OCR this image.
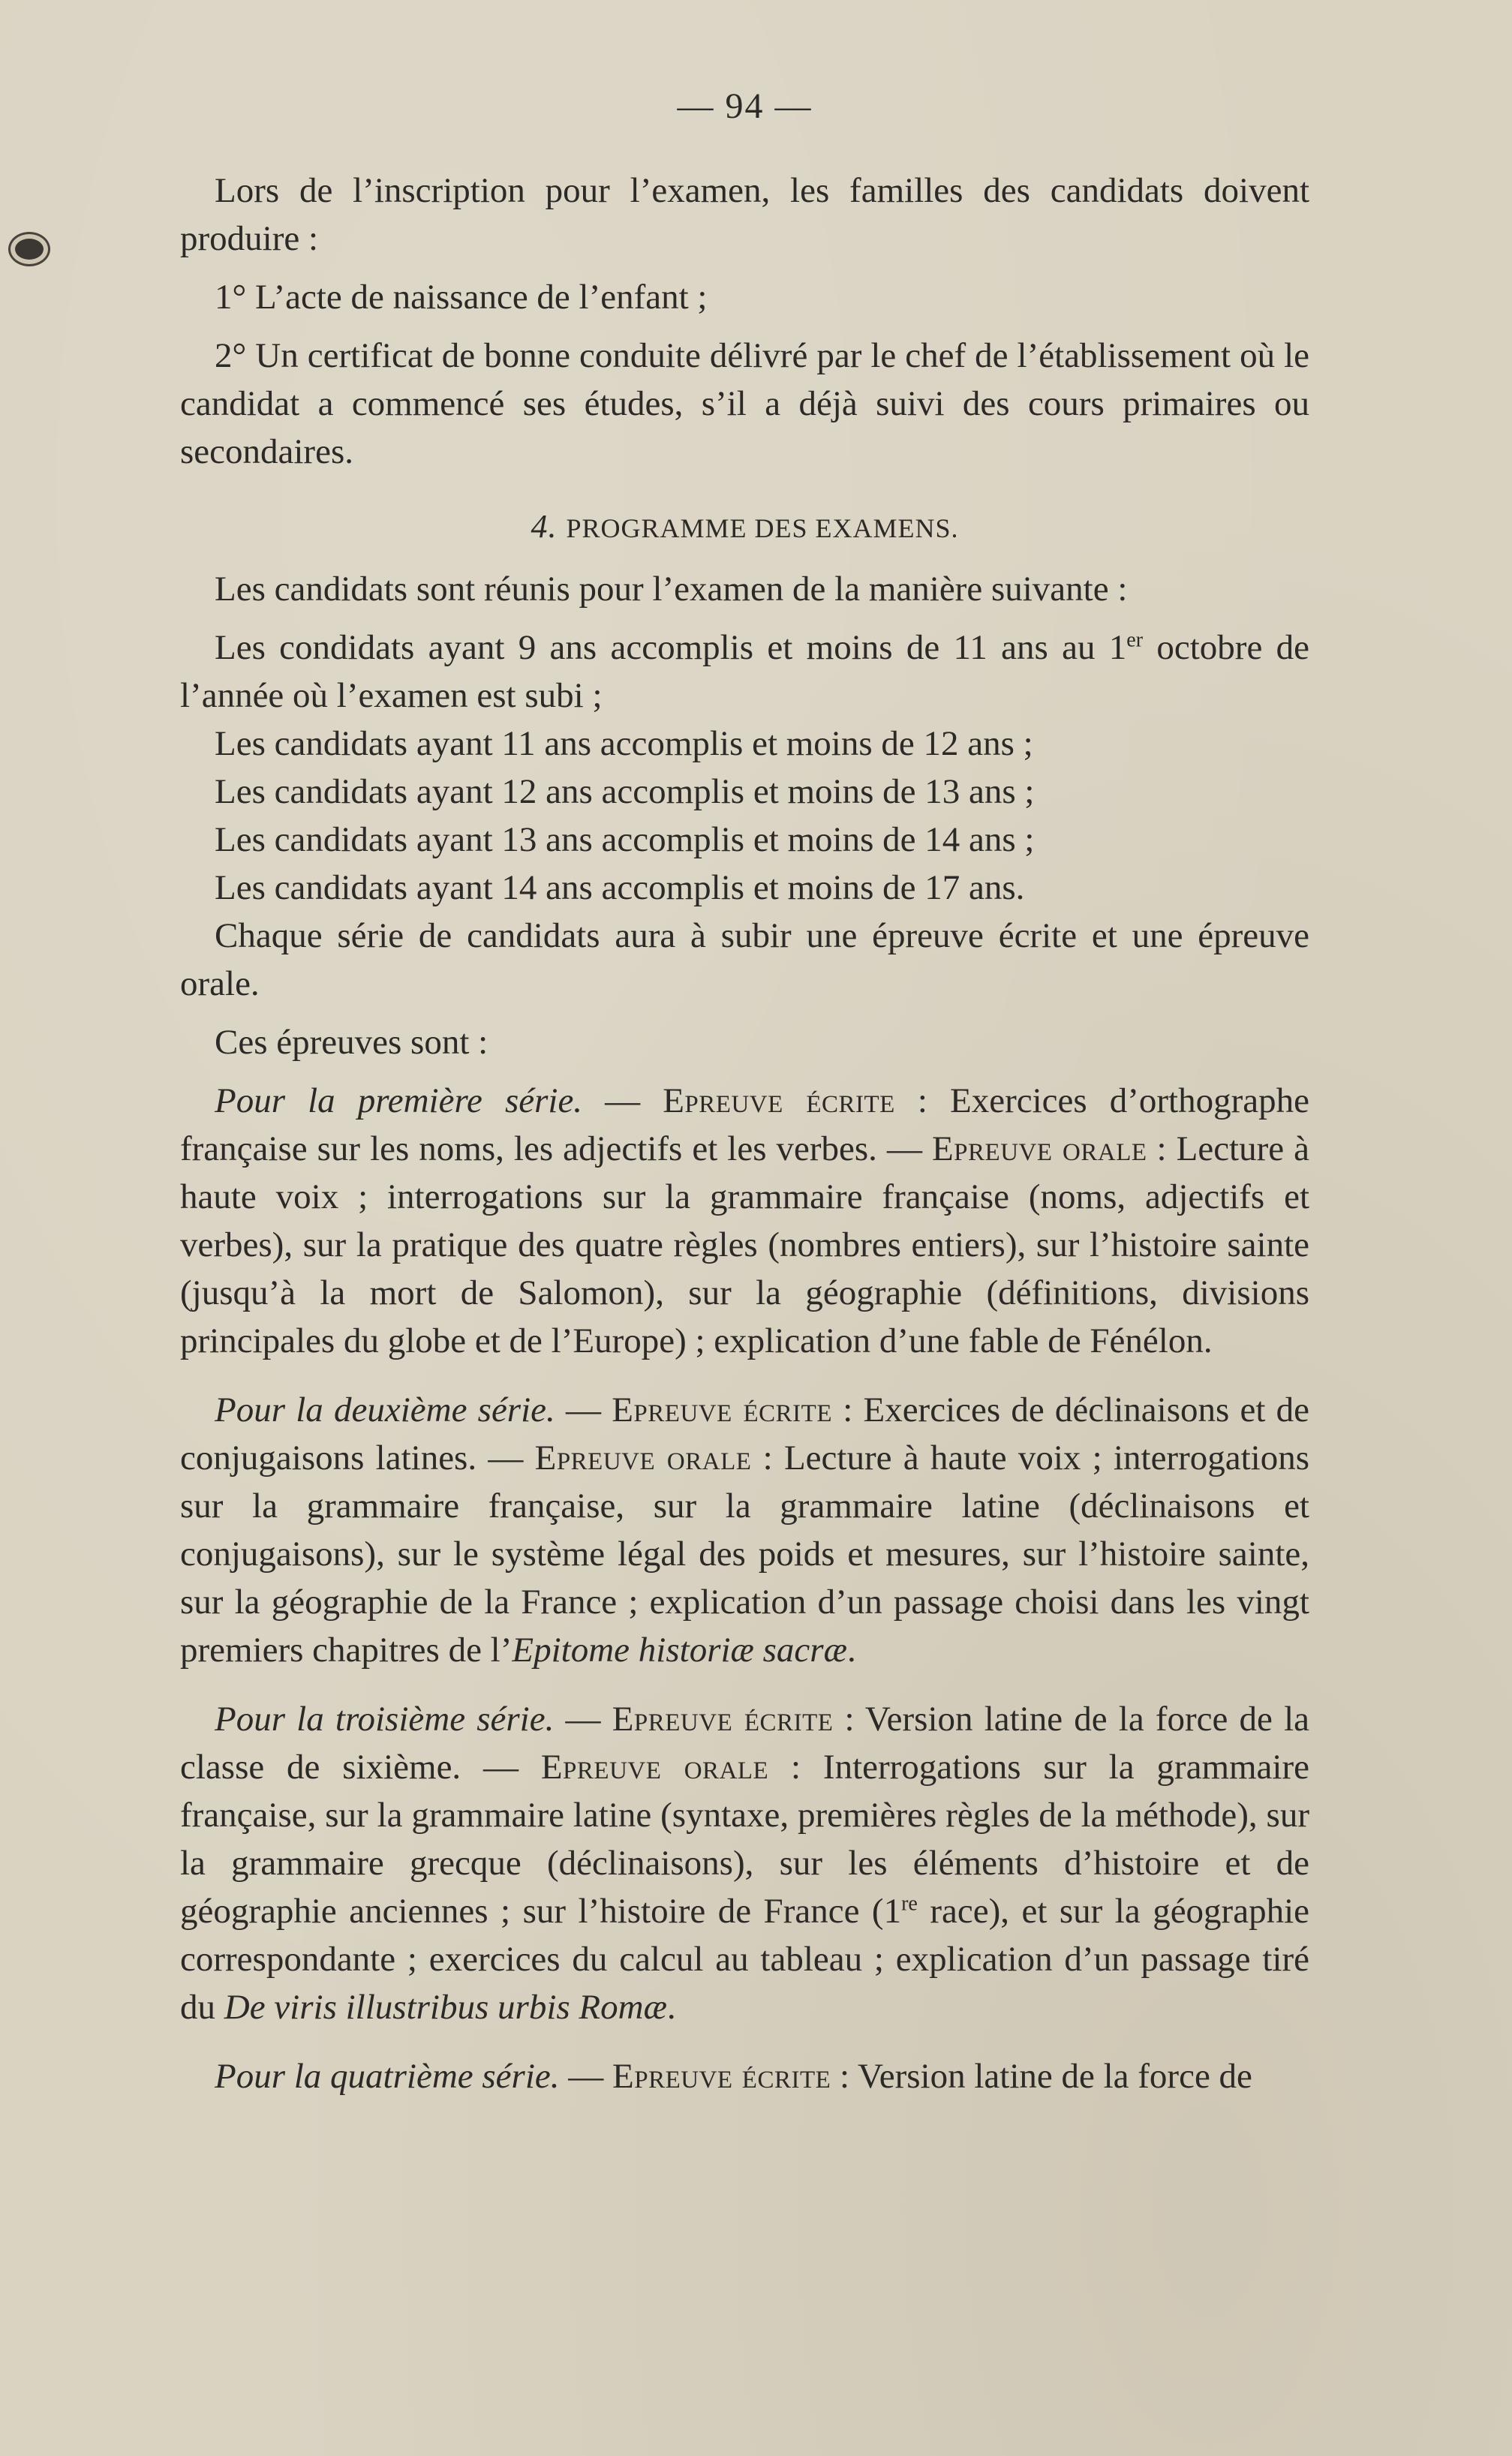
— 94 —

Lors de l’inscription pour l’examen, les familles des candidats doivent produire :

1° L’acte de naissance de l’enfant ;

2° Un certificat de bonne conduite délivré par le chef de l’établissement où le candidat a commencé ses études, s’il a déjà suivi des cours primaires ou secondaires.

4. PROGRAMME DES EXAMENS.

Les candidats sont réunis pour l’examen de la manière suivante :

Les condidats ayant 9 ans accomplis et moins de 11 ans au 1er octobre de l’année où l’examen est subi ;

Les candidats ayant 11 ans accomplis et moins de 12 ans ;

Les candidats ayant 12 ans accomplis et moins de 13 ans ;

Les candidats ayant 13 ans accomplis et moins de 14 ans ;

Les candidats ayant 14 ans accomplis et moins de 17 ans.

Chaque série de candidats aura à subir une épreuve écrite et une épreuve orale.

Ces épreuves sont :

Pour la première série. — Epreuve écrite : Exercices d’orthographe française sur les noms, les adjectifs et les verbes. — Epreuve orale : Lecture à haute voix ; interrogations sur la grammaire française (noms, adjectifs et verbes), sur la pratique des quatre règles (nombres entiers), sur l’histoire sainte (jusqu’à la mort de Salomon), sur la géographie (définitions, divisions principales du globe et de l’Europe) ; explication d’une fable de Fénélon.

Pour la deuxième série. — Epreuve écrite : Exercices de déclinaisons et de conjugaisons latines. — Epreuve orale : Lecture à haute voix ; interrogations sur la grammaire française, sur la grammaire latine (déclinaisons et conjugaisons), sur le système légal des poids et mesures, sur l’histoire sainte, sur la géographie de la France ; explication d’un passage choisi dans les vingt premiers chapitres de l’Epitome historiæ sacræ.

Pour la troisième série. — Epreuve écrite : Version latine de la force de la classe de sixième. — Epreuve orale : Interrogations sur la grammaire française, sur la grammaire latine (syntaxe, premières règles de la méthode), sur la grammaire grecque (déclinaisons), sur les éléments d’histoire et de géographie anciennes ; sur l’histoire de France (1re race), et sur la géographie correspondante ; exercices du calcul au tableau ; explication d’un passage tiré du De viris illustribus urbis Romæ.

Pour la quatrième série. — Epreuve écrite : Version latine de la force de
